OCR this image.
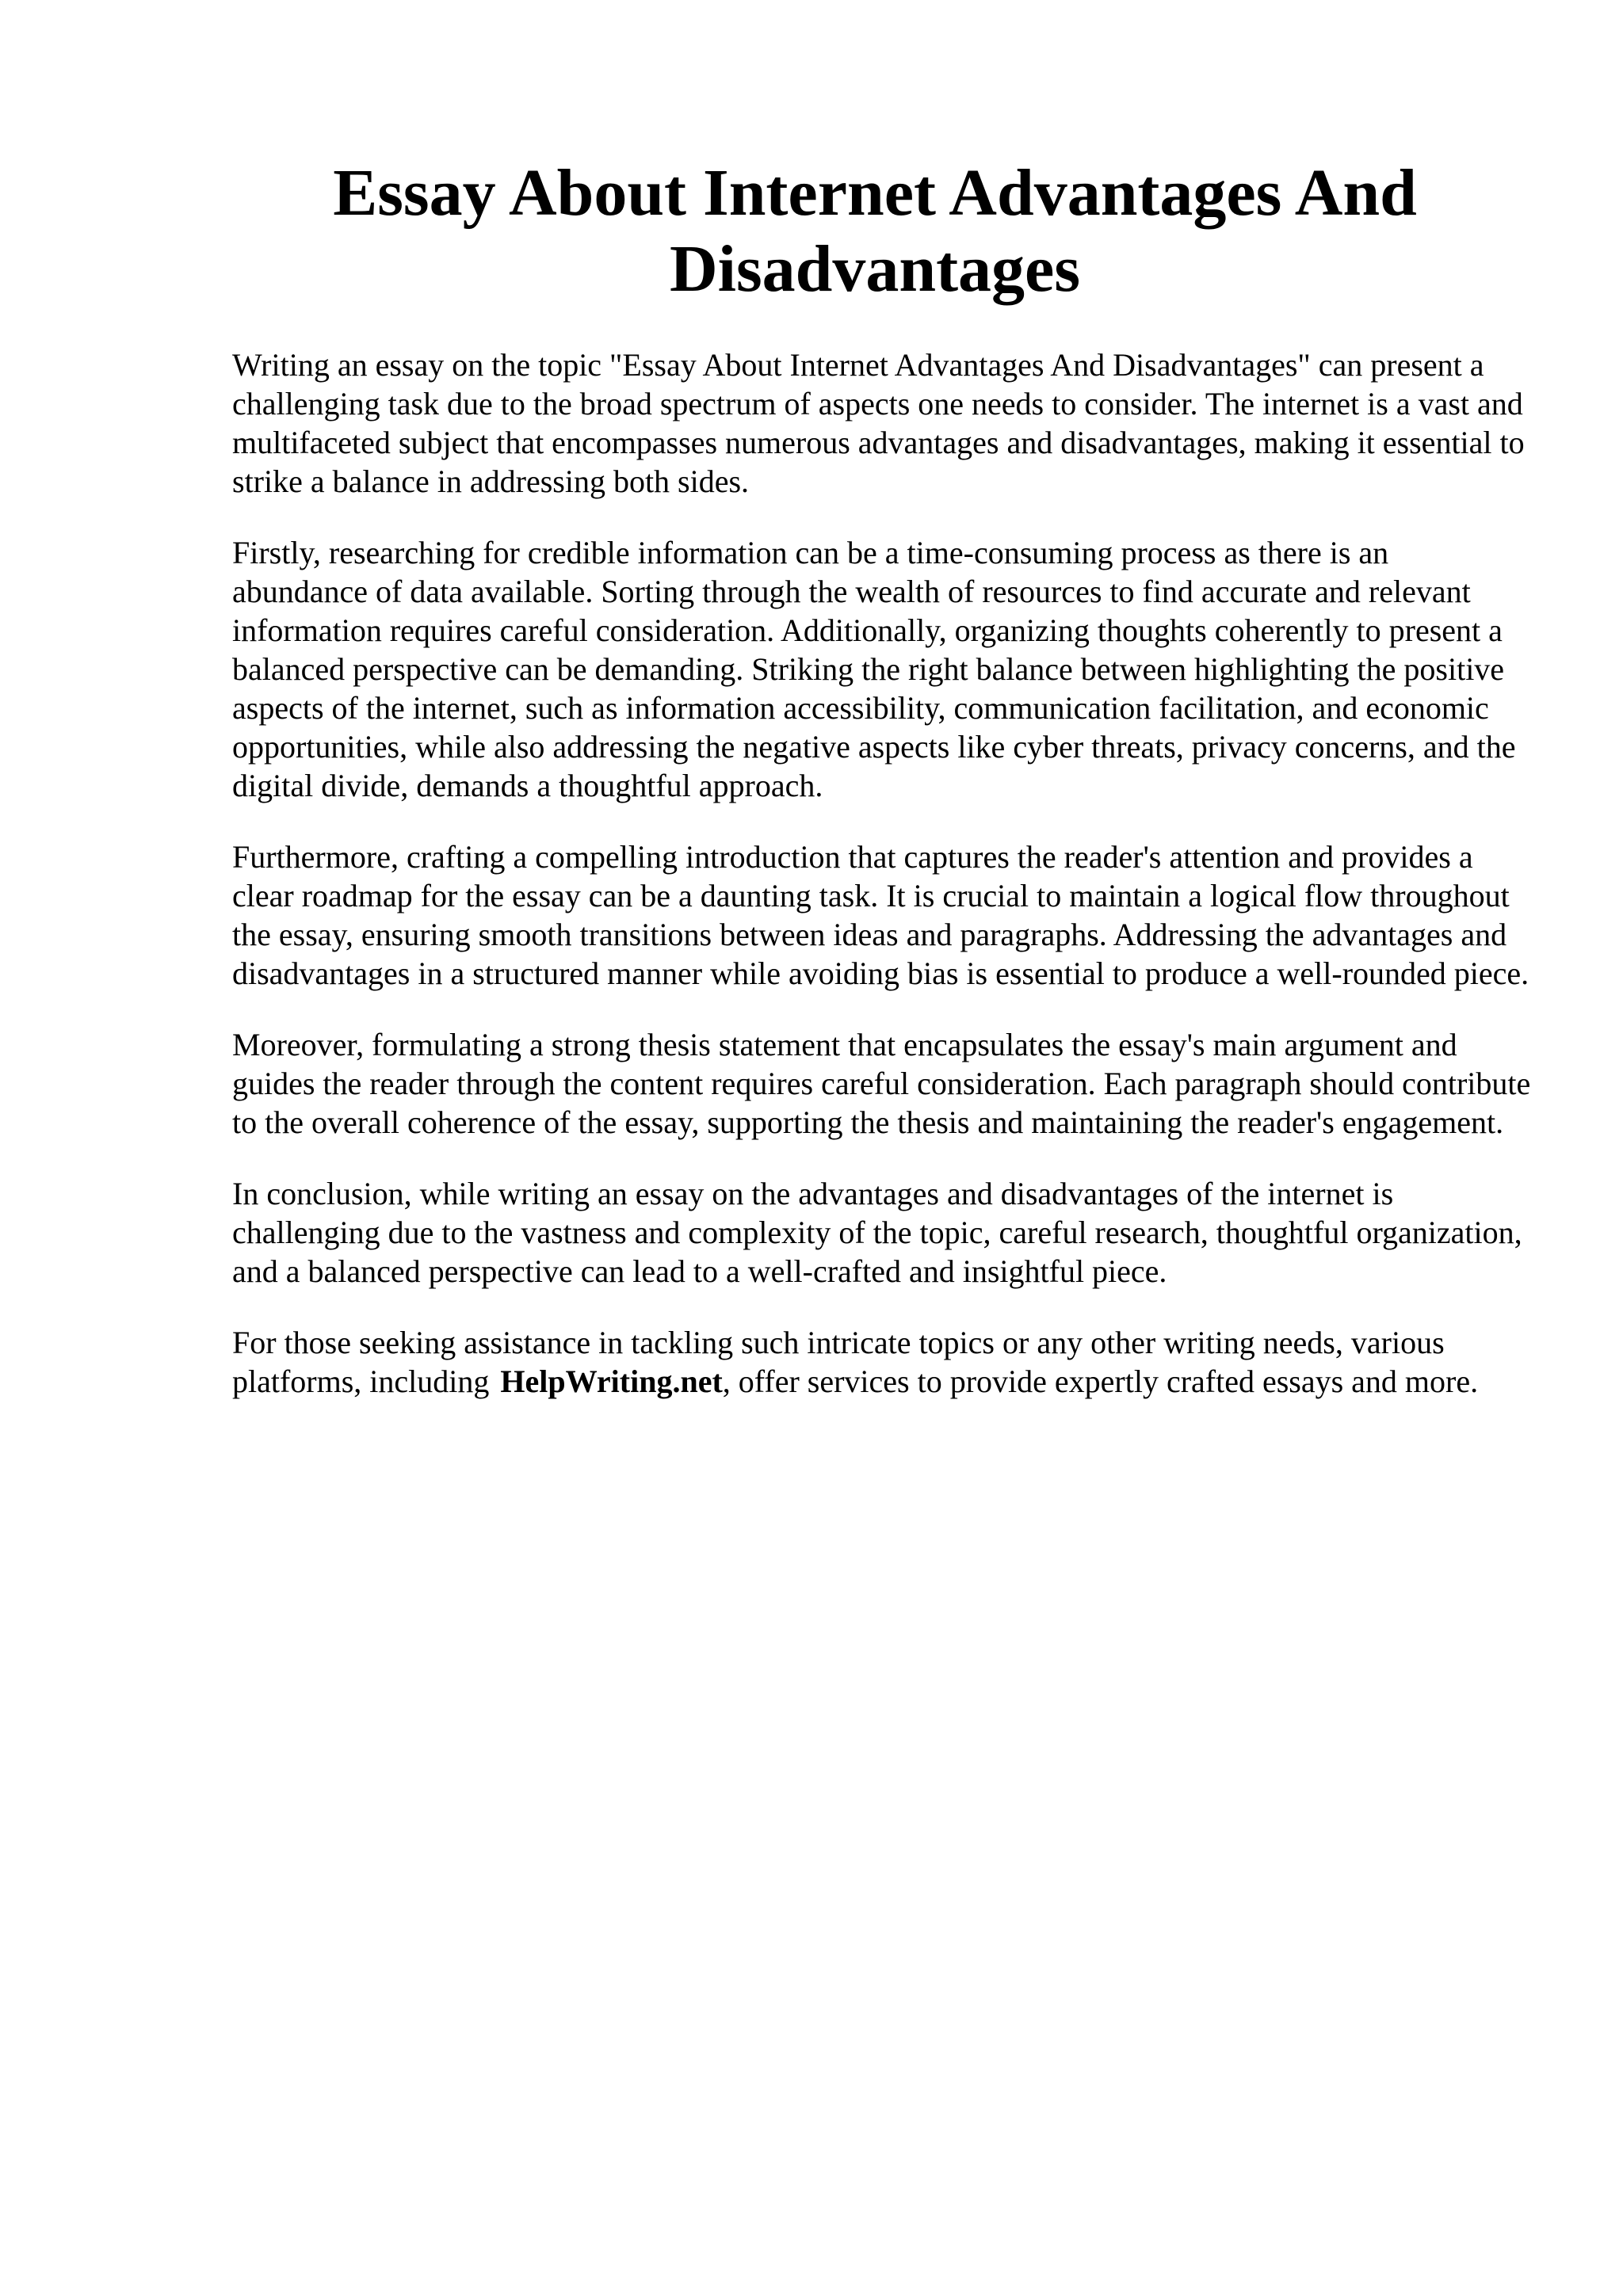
Essay About Internet Advantages And Disadvantages

Writing an essay on the topic "Essay About Internet Advantages And Disadvantages" can present a challenging task due to the broad spectrum of aspects one needs to consider. The internet is a vast and multifaceted subject that encompasses numerous advantages and disadvantages, making it essential to strike a balance in addressing both sides.

Firstly, researching for credible information can be a time-consuming process as there is an abundance of data available. Sorting through the wealth of resources to find accurate and relevant information requires careful consideration. Additionally, organizing thoughts coherently to present a balanced perspective can be demanding. Striking the right balance between highlighting the positive aspects of the internet, such as information accessibility, communication facilitation, and economic opportunities, while also addressing the negative aspects like cyber threats, privacy concerns, and the digital divide, demands a thoughtful approach.

Furthermore, crafting a compelling introduction that captures the reader's attention and provides a clear roadmap for the essay can be a daunting task. It is crucial to maintain a logical flow throughout the essay, ensuring smooth transitions between ideas and paragraphs. Addressing the advantages and disadvantages in a structured manner while avoiding bias is essential to produce a well-rounded piece.

Moreover, formulating a strong thesis statement that encapsulates the essay's main argument and guides the reader through the content requires careful consideration. Each paragraph should contribute to the overall coherence of the essay, supporting the thesis and maintaining the reader's engagement.

In conclusion, while writing an essay on the advantages and disadvantages of the internet is challenging due to the vastness and complexity of the topic, careful research, thoughtful organization, and a balanced perspective can lead to a well-crafted and insightful piece.

For those seeking assistance in tackling such intricate topics or any other writing needs, various platforms, including HelpWriting.net, offer services to provide expertly crafted essays and more.
